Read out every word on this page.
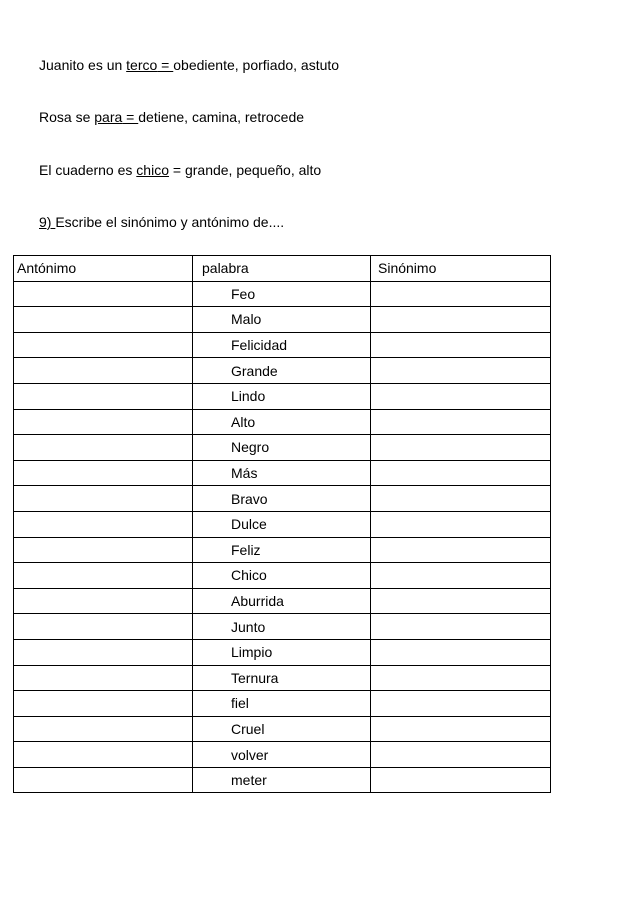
Juanito es un terco = obediente, porfiado, astuto
Rosa se para = detiene, camina, retrocede
El cuaderno es chico = grande, pequeño, alto
9) Escribe el sinónimo y antónimo de....
Antónimo	palabra	Sinónimo
	Feo	
	Malo	
	Felicidad	
	Grande	
	Lindo	
	Alto	
	Negro	
	Más	
	Bravo	
	Dulce	
	Feliz	
	Chico	
	Aburrida	
	Junto	
	Limpio	
	Ternura	
	fiel	
	Cruel	
	volver	
	meter	
